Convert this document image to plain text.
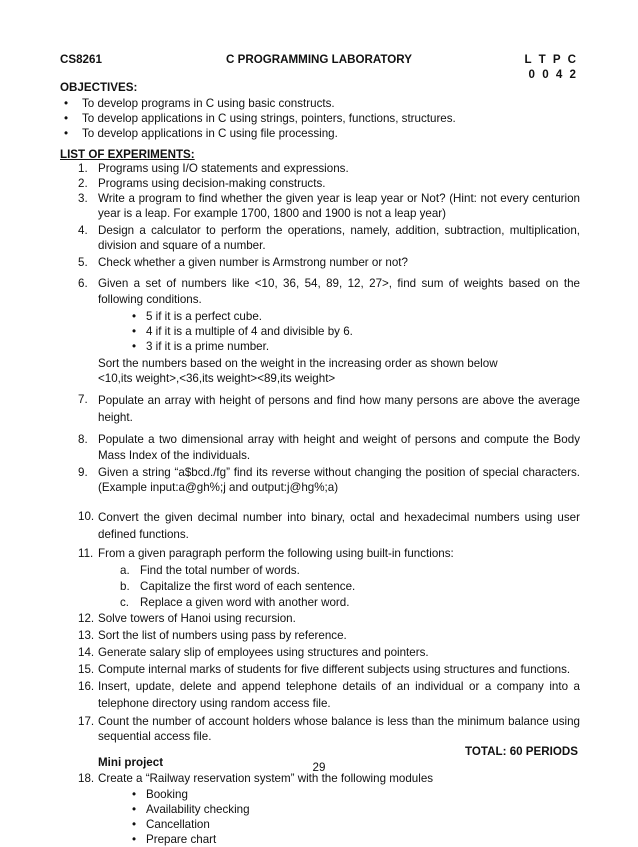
CS8261	C PROGRAMMING LABORATORY	L T P C
0 0 4 2
OBJECTIVES:
• To develop programs in C using basic constructs.
• To develop applications in C using strings, pointers, functions, structures.
• To develop applications in C using file processing.
LIST OF EXPERIMENTS:
1. Programs using I/O statements and expressions.
2. Programs using decision-making constructs.
3. Write a program to find whether the given year is leap year or Not? (Hint: not every centurion year is a leap. For example 1700, 1800 and 1900 is not a leap year)
4. Design a calculator to perform the operations, namely, addition, subtraction, multiplication, division and square of a number.
5. Check whether a given number is Armstrong number or not?
6. Given a set of numbers like <10, 36, 54, 89, 12, 27>, find sum of weights based on the following conditions.
• 5 if it is a perfect cube.
• 4 if it is a multiple of 4 and divisible by 6.
• 3 if it is a prime number.
Sort the numbers based on the weight in the increasing order as shown below <10,its weight>,<36,its weight><89,its weight>
7. Populate an array with height of persons and find how many persons are above the average height.
8. Populate a two dimensional array with height and weight of persons and compute the Body Mass Index of the individuals.
9. Given a string “a$bcd./fg” find its reverse without changing the position of special characters. (Example input:a@gh%;j and output:j@hg%;a)
10. Convert the given decimal number into binary, octal and hexadecimal numbers using user defined functions.
11. From a given paragraph perform the following using built-in functions:
a. Find the total number of words.
b. Capitalize the first word of each sentence.
c. Replace a given word with another word.
12. Solve towers of Hanoi using recursion.
13. Sort the list of numbers using pass by reference.
14. Generate salary slip of employees using structures and pointers.
15. Compute internal marks of students for five different subjects using structures and functions.
16. Insert, update, delete and append telephone details of an individual or a company into a telephone directory using random access file.
17. Count the number of account holders whose balance is less than the minimum balance using sequential access file.
Mini project
18. Create a “Railway reservation system” with the following modules
• Booking
• Availability checking
• Cancellation
• Prepare chart
TOTAL: 60 PERIODS
29
